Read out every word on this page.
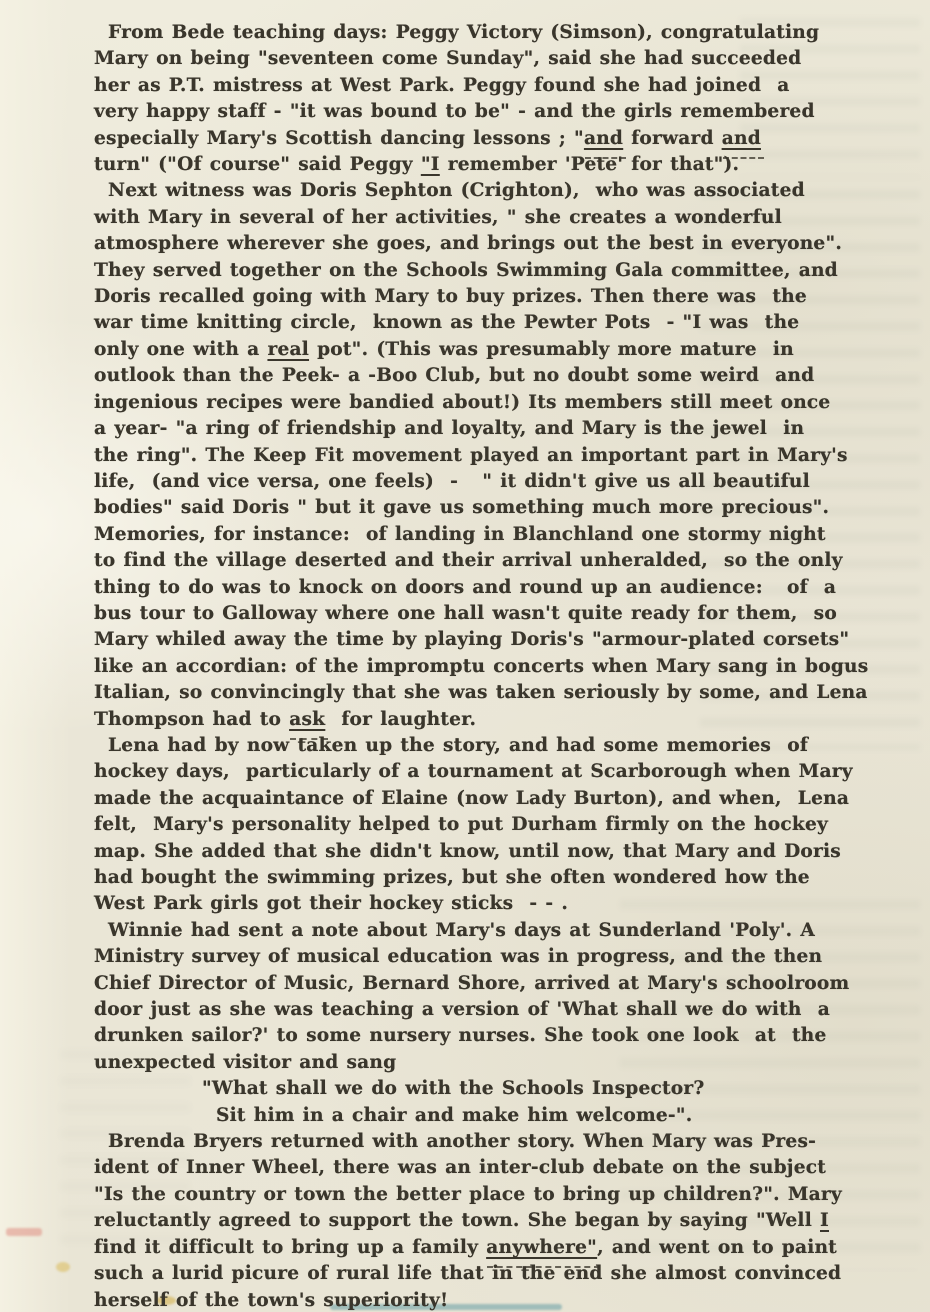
From Bede teaching days: Peggy Victory (Simson), congratulating
Mary on being "seventeen come Sunday", said she had succeeded
her as P.T. mistress at West Park. Peggy found she had joined  a
very happy staff - "it was bound to be" - and the girls remembered
especially Mary's Scottish dancing lessons ; "and forward and
turn" ("Of course" said Peggy "I remember 'Pete' for that").
Next witness was Doris Sephton (Crighton),  who was associated
with Mary in several of her activities, " she creates a wonderful
atmosphere wherever she goes, and brings out the best in everyone".
They served together on the Schools Swimming Gala committee, and
Doris recalled going with Mary to buy prizes. Then there was  the
war time knitting circle,  known as the Pewter Pots  - "I was  the
only one with a real pot". (This was presumably more mature  in
outlook than the Peek- a -Boo Club, but no doubt some weird  and
ingenious recipes were bandied about!) Its members still meet once
a year- "a ring of friendship and loyalty, and Mary is the jewel  in
the ring". The Keep Fit movement played an important part in Mary's
life,  (and vice versa, one feels)  -   " it didn't give us all beautiful
bodies" said Doris " but it gave us something much more precious".
Memories, for instance:  of landing in Blanchland one stormy night
to find the village deserted and their arrival unheralded,  so the only
thing to do was to knock on doors and round up an audience:   of  a
bus tour to Galloway where one hall wasn't quite ready for them,  so
Mary whiled away the time by playing Doris's "armour-plated corsets"
like an accordian: of the impromptu concerts when Mary sang in bogus
Italian, so convincingly that she was taken seriously by some, and Lena
Thompson had to ask  for laughter.
Lena had by now taken up the story, and had some memories  of
hockey days,  particularly of a tournament at Scarborough when Mary
made the acquaintance of Elaine (now Lady Burton), and when,  Lena
felt,  Mary's personality helped to put Durham firmly on the hockey
map. She added that she didn't know, until now, that Mary and Doris
had bought the swimming prizes, but she often wondered how the
West Park girls got their hockey sticks  - - .
Winnie had sent a note about Mary's days at Sunderland 'Poly'. A
Ministry survey of musical education was in progress, and the then
Chief Director of Music, Bernard Shore, arrived at Mary's schoolroom
door just as she was teaching a version of 'What shall we do with  a
drunken sailor?' to some nursery nurses. She took one look  at  the
unexpected visitor and sang
"What shall we do with the Schools Inspector?
Sit him in a chair and make him welcome-".
Brenda Bryers returned with another story. When Mary was Pres-
ident of Inner Wheel, there was an inter-club debate on the subject
"Is the country or town the better place to bring up children?". Mary
reluctantly agreed to support the town. She began by saying "Well I
find it difficult to bring up a family anywhere", and went on to paint
such a lurid picure of rural life that in the end she almost convinced
herself of the town's superiority!
